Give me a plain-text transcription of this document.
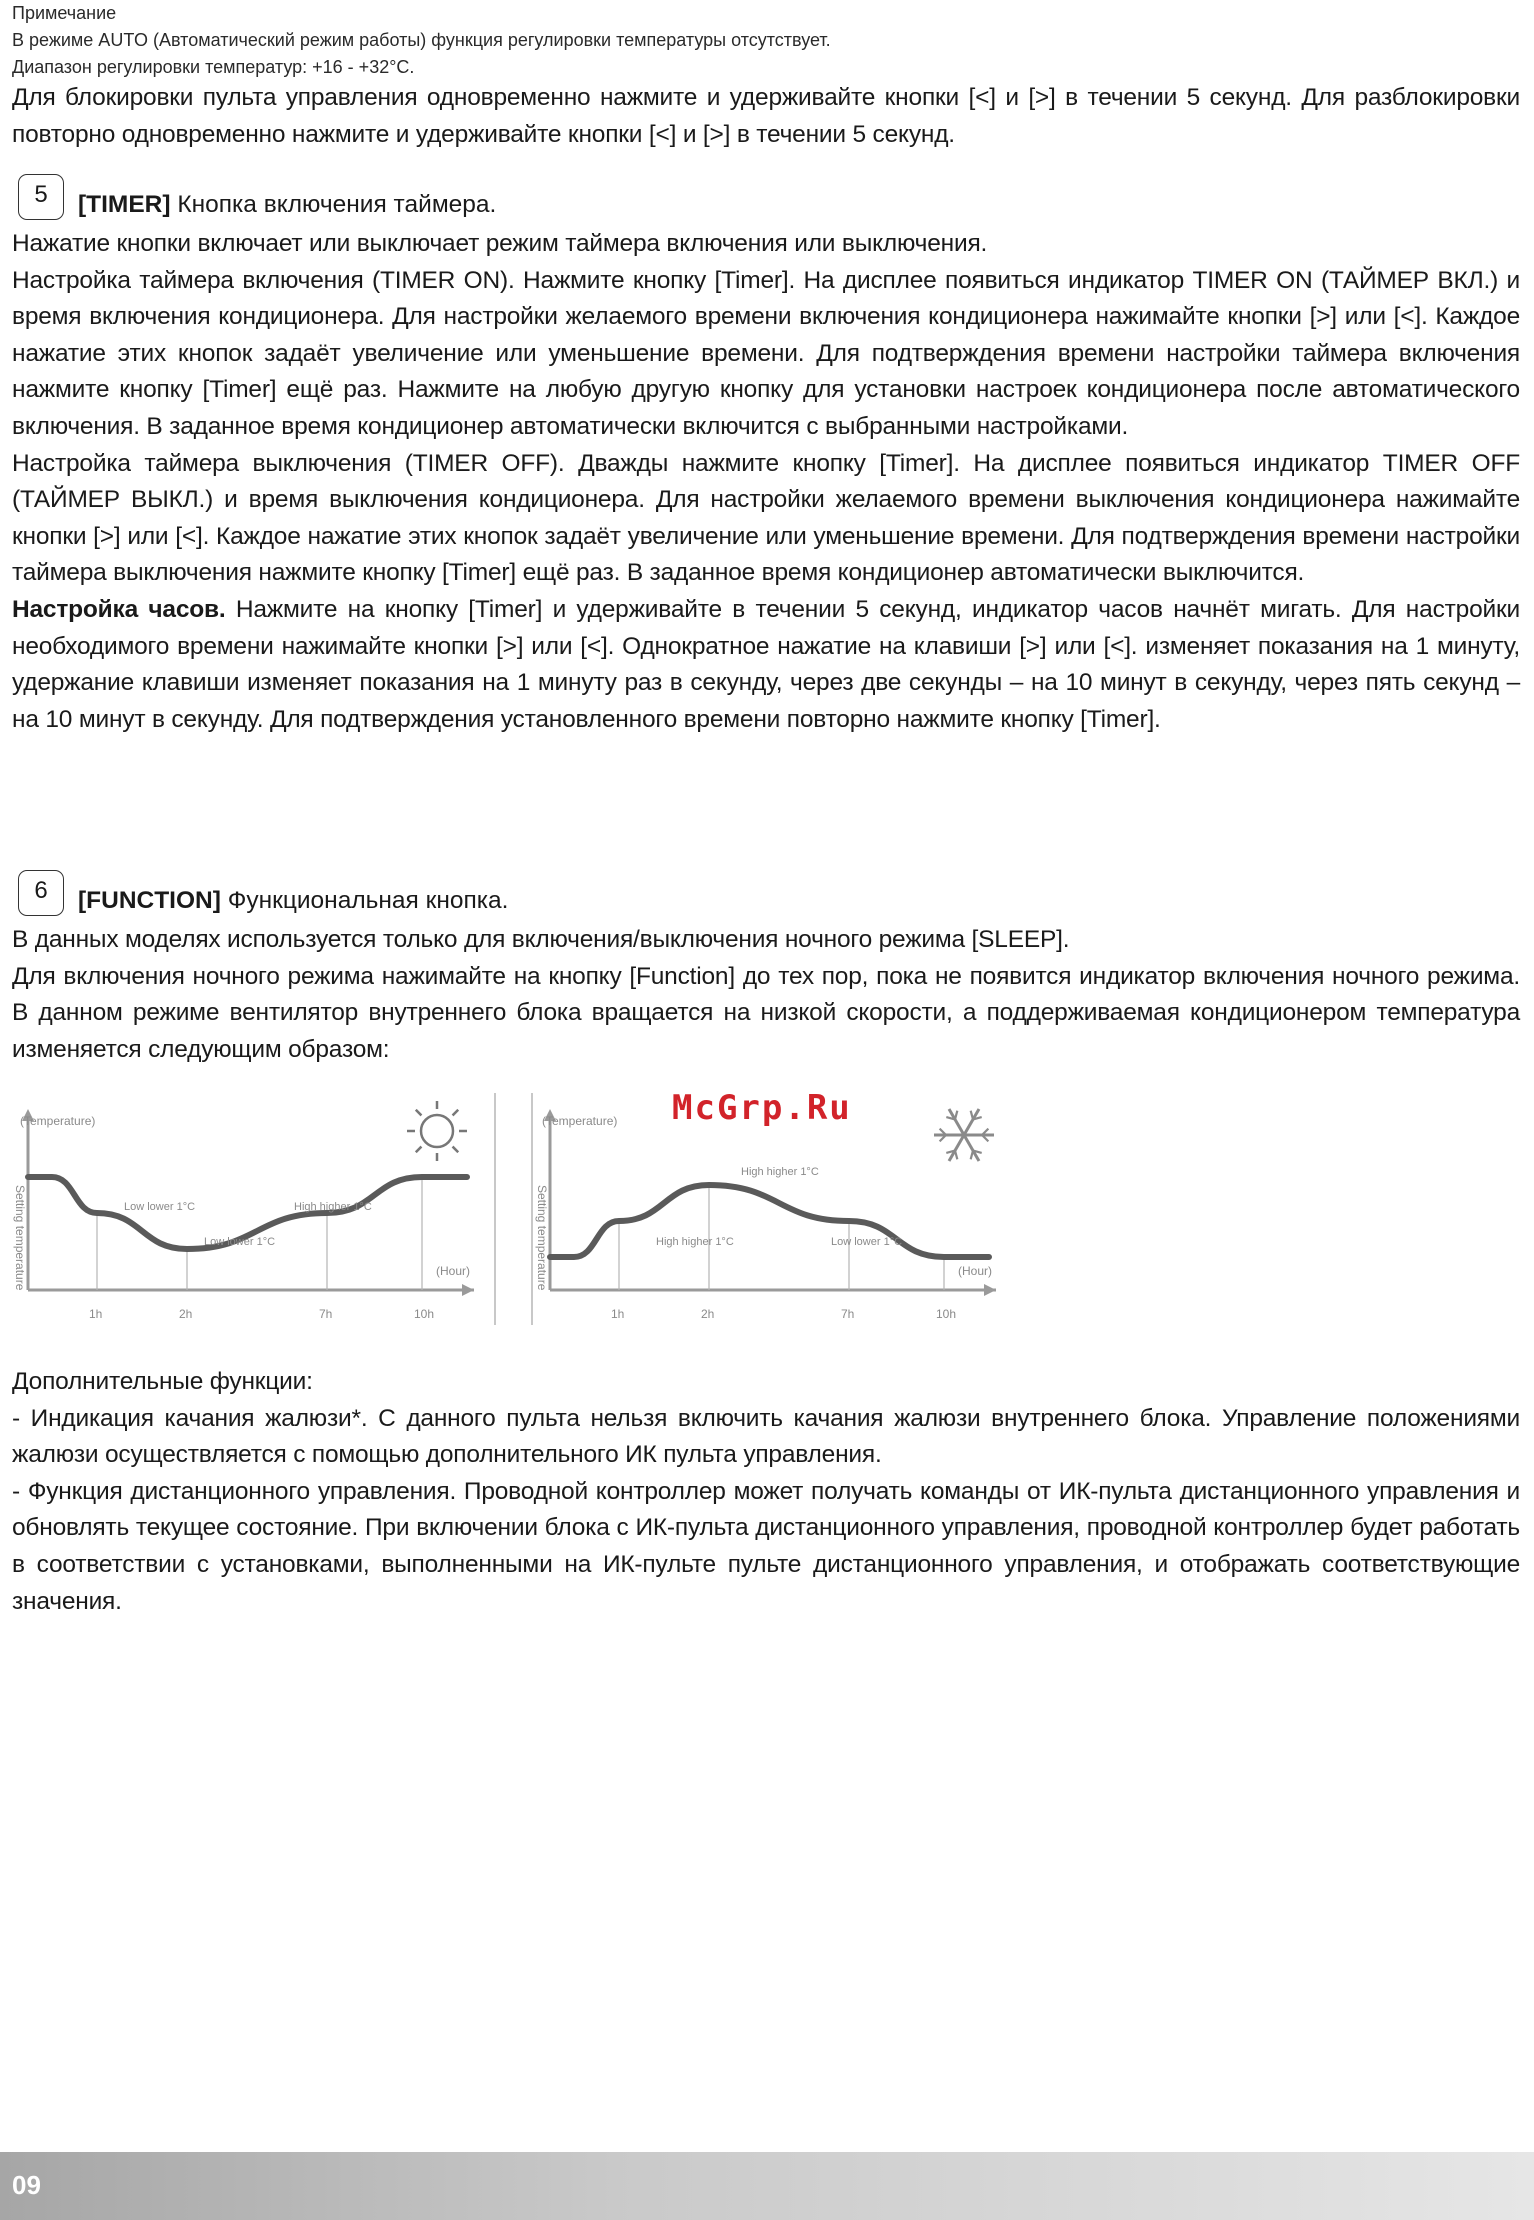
Примечание
В режиме AUTO (Автоматический режим работы) функция регулировки температуры отсутствует.
Диапазон регулировки температур: +16 - +32°С.

Для блокировки пульта управления одновременно нажмите и удерживайте кнопки [<] и [>] в течении 5 секунд. Для разблокировки повторно одновременно нажмите и удерживайте кнопки [<] и [>] в течении 5 секунд.

5	[TIMER] Кнопка включения таймера.

Нажатие кнопки включает или выключает режим таймера включения или выключения.

Настройка таймера включения (TIMER ON). Нажмите кнопку [Timer]. На дисплее появиться индикатор TIMER ON (ТАЙМЕР ВКЛ.) и время включения кондиционера. Для настройки желаемого времени включения кондиционера нажимайте кнопки [>] или [<]. Каждое нажатие этих кнопок задаёт увеличение или уменьшение времени. Для подтверждения времени настройки таймера включения нажмите кнопку [Timer] ещё раз. Нажмите на любую другую кнопку для установки настроек кондиционера после автоматического включения. В заданное время кондиционер автоматически включится с выбранными настройками.

Настройка таймера выключения (TIMER OFF). Дважды нажмите кнопку [Timer]. На дисплее появиться индикатор TIMER OFF (ТАЙМЕР ВЫКЛ.) и время выключения кондиционера. Для настройки желаемого времени выключения кондиционера нажимайте кнопки [>] или [<]. Каждое нажатие этих кнопок задаёт увеличение или уменьшение времени. Для подтверждения времени настройки таймера выключения нажмите кнопку [Timer] ещё раз. В заданное время кондиционер автоматически выключится.

Настройка часов. Нажмите на кнопку [Timer] и удерживайте в течении 5 секунд, индикатор часов начнёт мигать. Для настройки необходимого времени нажимайте кнопки [>] или [<]. Однократное нажатие на клавиши [>] или [<]. изменяет показания на 1 минуту, удержание клавиши изменяет показания на 1 минуту раз в секунду, через две секунды – на 10 минут в секунду, через пять секунд – на 10 минут в секунду. Для подтверждения установленного времени повторно нажмите кнопку [Timer].

6	[FUNCTION] Функциональная кнопка.

В данных моделях используется только для включения/выключения ночного режима [SLEEP].

Для включения ночного режима нажимайте на кнопку [Function] до тех пор, пока не появится индикатор включения ночного режима. В данном режиме вентилятор внутреннего блока вращается на низкой скорости, а поддерживаемая кондиционером температура изменяется следующим образом:

(Temperature)
Setting temperature	(Hour)
1h	2h	7h	10h
Low lower 1°C
Low lower 1°C
High higher 1°C
(Temperature)
Setting temperature	(Hour)
1h	2h	7h	10h
High higher 1°C
High higher 1°C
Low lower 1°C
McGrp.Ru

Дополнительные функции:

- Индикация качания жалюзи*. С данного пульта нельзя включить качания жалюзи внутреннего блока. Управление положениями жалюзи осуществляется с помощью дополнительного ИК пульта управления.

- Функция дистанционного управления. Проводной контроллер может получать команды от ИК-пульта дистанционного управления и обновлять текущее состояние. При включении блока с ИК-пульта дистанционного управления, проводной контроллер будет работать в соответствии с установками, выполненными на ИК-пульте пульте дистанционного управления, и отображать соответствующие значения.

09
